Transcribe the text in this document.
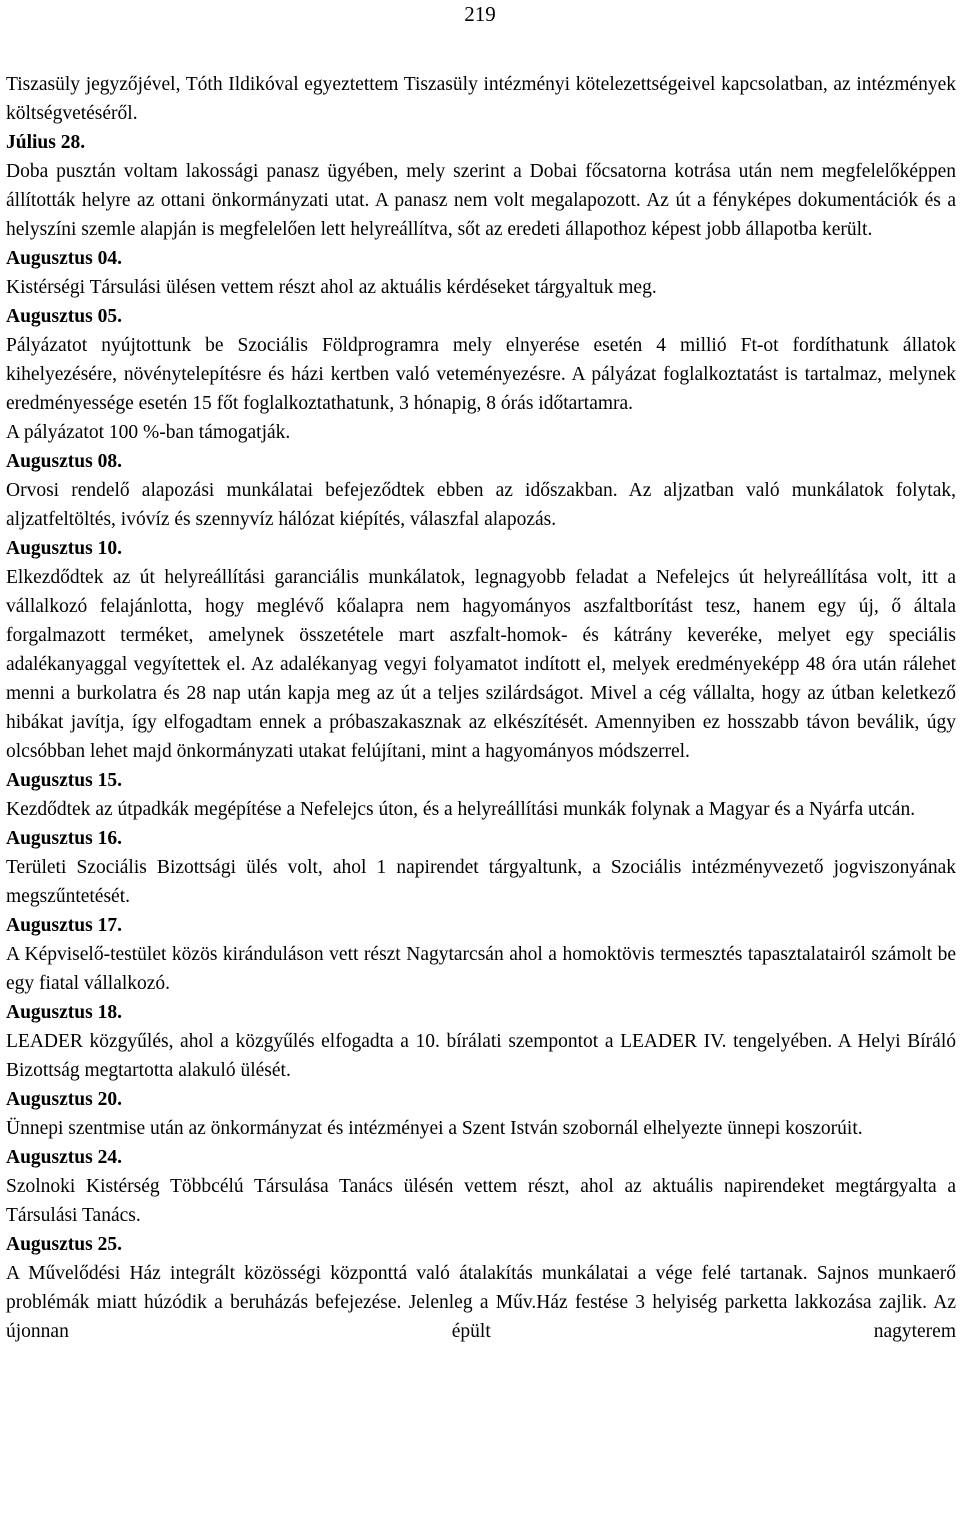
219

Tiszasüly jegyzőjével, Tóth Ildikóval egyeztettem Tiszasüly intézményi kötelezettségeivel kapcsolatban, az intézmények költségvetéséről.

Július 28.

Doba pusztán voltam lakossági panasz ügyében, mely szerint a Dobai főcsatorna kotrása után nem megfelelőképpen állították helyre az ottani önkormányzati utat. A panasz nem volt megalapozott. Az út a fényképes dokumentációk és a helyszíni szemle alapján is megfelelően lett helyreállítva, sőt az eredeti állapothoz képest jobb állapotba került.

Augusztus 04.

Kistérségi Társulási ülésen vettem részt ahol az aktuális kérdéseket tárgyaltuk meg.

Augusztus 05.

Pályázatot nyújtottunk be Szociális Földprogramra mely elnyerése esetén 4 millió Ft-ot fordíthatunk állatok kihelyezésére, növénytelepítésre és házi kertben való veteményezésre. A pályázat foglalkoztatást is tartalmaz, melynek eredményessége esetén 15 főt foglalkoztathatunk, 3 hónapig, 8 órás időtartamra.

A pályázatot 100 %-ban támogatják.

Augusztus 08.

Orvosi rendelő alapozási munkálatai befejeződtek ebben az időszakban. Az aljzatban való munkálatok folytak, aljzatfeltöltés, ivóvíz és szennyvíz hálózat kiépítés, válaszfal alapozás.

Augusztus 10.

Elkezdődtek az út helyreállítási garanciális munkálatok, legnagyobb feladat a Nefelejcs út helyreállítása volt, itt a vállalkozó felajánlotta, hogy meglévő kőalapra nem hagyományos aszfaltborítást tesz, hanem egy új, ő általa forgalmazott terméket, amelynek összetétele mart aszfalt-homok- és kátrány keveréke, melyet egy speciális adalékanyaggal vegyítettek el. Az adalékanyag vegyi folyamatot indított el, melyek eredményeképp 48 óra után rálehet menni a burkolatra és 28 nap után kapja meg az út a teljes szilárdságot. Mivel a cég vállalta, hogy az útban keletkező hibákat javítja, így elfogadtam ennek a próbaszakasznak az elkészítését. Amennyiben ez hosszabb távon beválik, úgy olcsóbban lehet majd önkormányzati utakat felújítani, mint a hagyományos módszerrel.

Augusztus 15.

Kezdődtek az útpadkák megépítése a Nefelejcs úton, és a helyreállítási munkák folynak a Magyar és a Nyárfa utcán.

Augusztus 16.

Területi Szociális Bizottsági ülés volt, ahol 1 napirendet tárgyaltunk, a Szociális intézményvezető jogviszonyának megszűntetését.

Augusztus 17.

A Képviselő-testület közös kiránduláson vett részt Nagytarcsán ahol a homoktövis termesztés tapasztalatairól számolt be egy fiatal vállalkozó.

Augusztus 18.

LEADER közgyűlés, ahol a közgyűlés elfogadta a 10. bírálati szempontot a LEADER IV. tengelyében. A Helyi Bíráló Bizottság megtartotta alakuló ülését.

Augusztus 20.

Ünnepi szentmise után az önkormányzat és intézményei a Szent István szobornál elhelyezte ünnepi koszorúit.

Augusztus 24.

Szolnoki Kistérség Többcélú Társulása Tanács ülésén vettem részt, ahol az aktuális napirendeket megtárgyalta a Társulási Tanács.

Augusztus 25.

A Művelődési Ház integrált közösségi központtá való átalakítás munkálatai a vége felé tartanak. Sajnos munkaerő problémák miatt húzódik a beruházás befejezése. Jelenleg a Műv.Ház festése 3 helyiség parketta lakkozása zajlik. Az újonnan épült nagyterem
